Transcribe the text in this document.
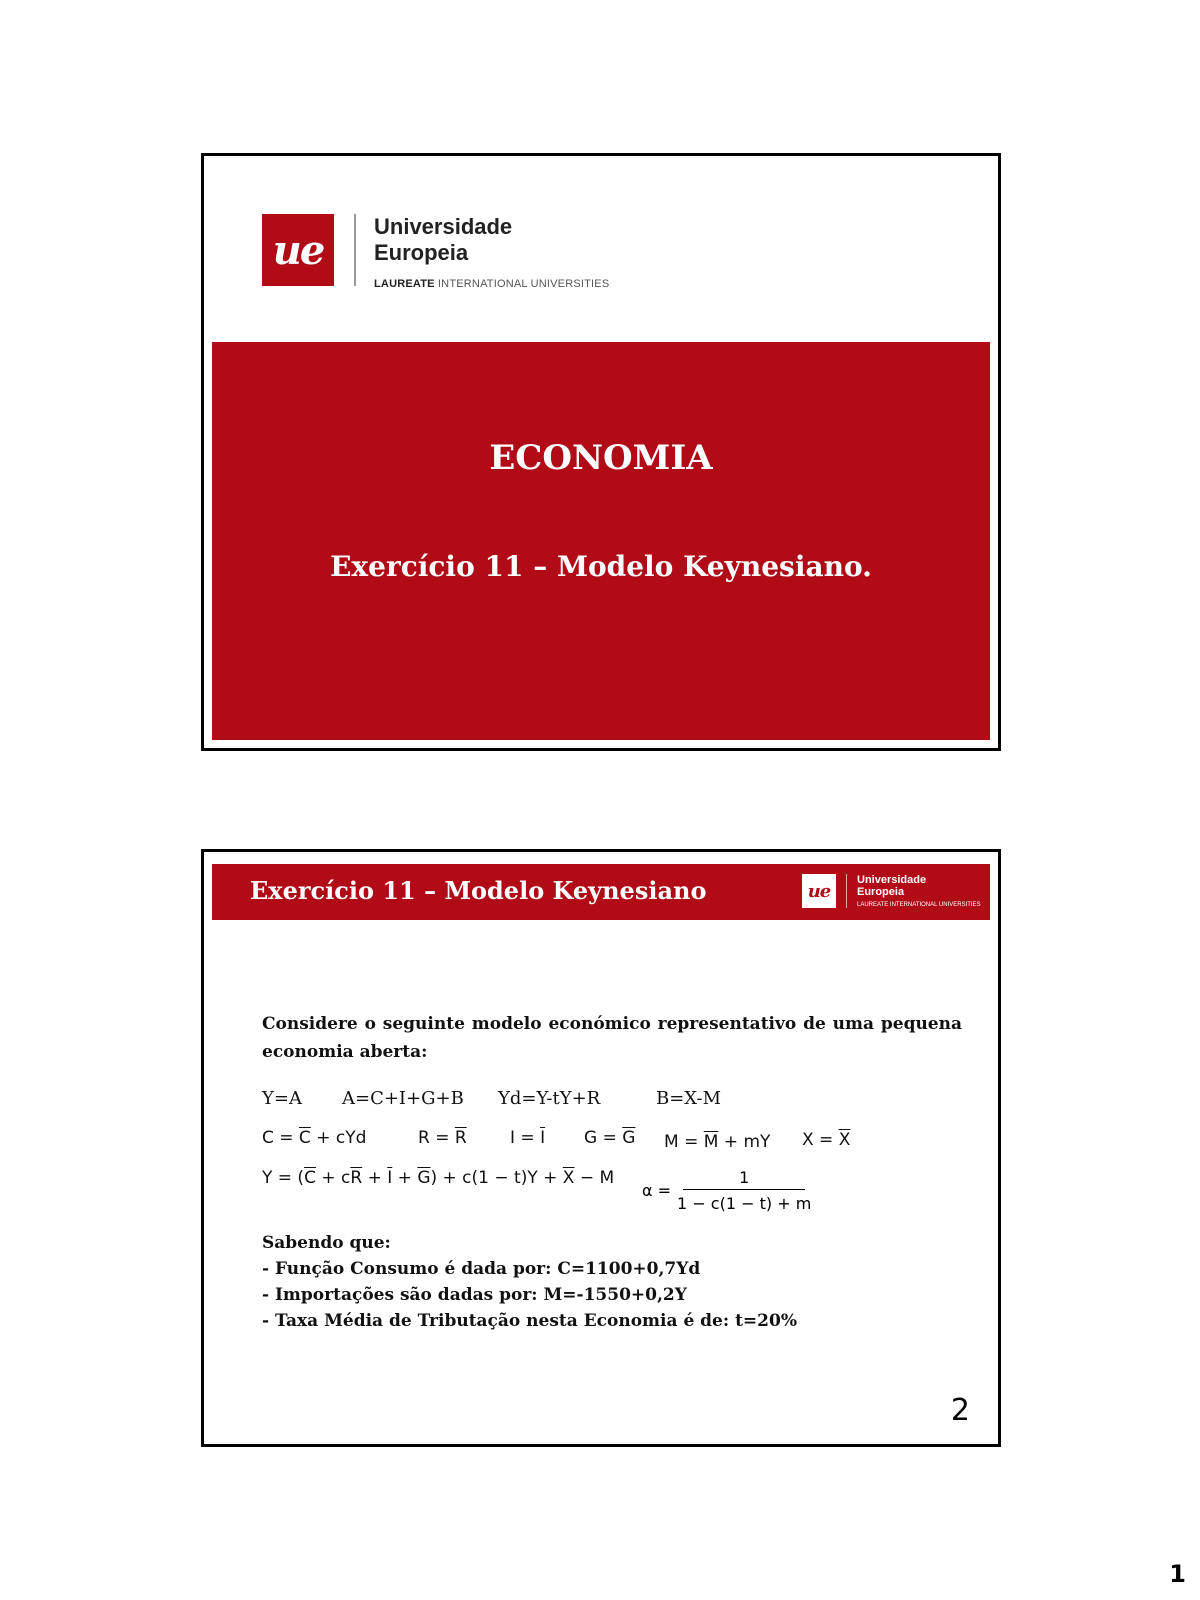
ue	Universidade
Europeia
LAUREATE INTERNATIONAL UNIVERSITIES
ECONOMIA
Exercício 11 – Modelo Keynesiano.
Exercício 11 – Modelo Keynesiano	ue
Universidade
Europeia
LAUREATE INTERNATIONAL UNIVERSITIES
Considere o seguinte modelo económico representativo de uma pequena economia aberta:
Y=A A=C+I+G+B Yd=Y-tY+R	B=X-M
$C = \overline{C}$ + cYd	$R = \overline{R}$	$I = \overline{I}$ $G = \overline{G}$ $M = \overline{M}$ + mY $X = \overline{X}$
$Y = (\overline{C} + c\overline{R} + \overline{I} + \overline{G}) + c(1 - t)Y + \overline{X} - M$
$\alpha = \frac{1}{1 - c(1 - t) + m}$
Sabendo que:
- Função Consumo é dada por: C=1100+0,7Yd
- Importações são dadas por: M=-1550+0,2Y
- Taxa Média de Tributação nesta Economia é de: t=20%
2
1
